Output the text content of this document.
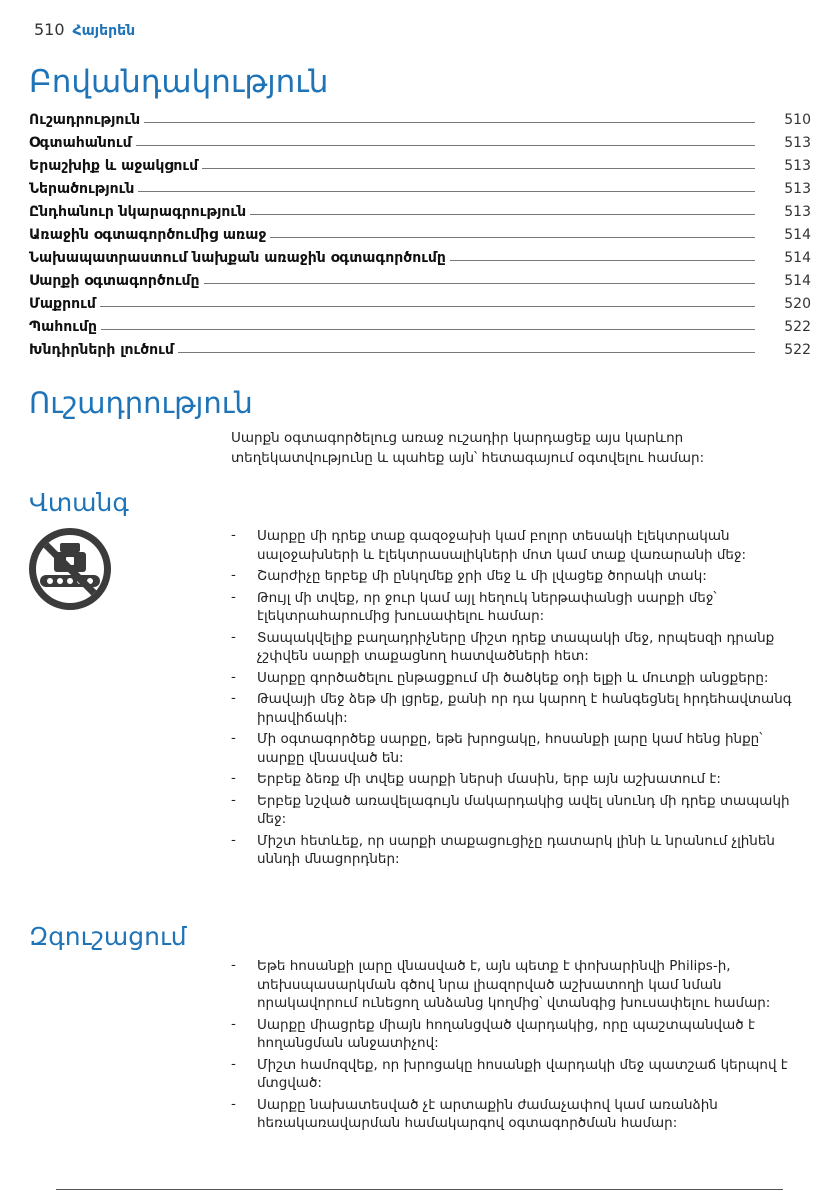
510 Հայերեն
Բովանդակություն
Ուշադրություն	510
Օգտահանում	513
Երաշխիք և աջակցում	513
Ներածություն	513
Ընդհանուր նկարագրություն	513
Առաջին օգտագործումից առաջ	514
Նախապատրաստում նախքան առաջին օգտագործումը	514
Սարքի օգտագործումը	514
Մաքրում	520
Պահումը	522
Խնդիրների լուծում	522
Ուշադրություն

Սարքն օգտագործելուց առաջ ուշադիր կարդացեք այս կարևոր տեղեկատվությունը և պահեք այն՝ հետագայում օգտվելու համար:

Վտանգ
- Սարքը մի դրեք տաք գազօջախի կամ բոլոր տեսակի էլեկտրական սալօջախների և էլեկտրասալիկների մոտ կամ տաք վառարանի մեջ:
- Շարժիչը երբեք մի ընկղմեք ջրի մեջ և մի լվացեք ծորակի տակ:
- Թույլ մի տվեք, որ ջուր կամ այլ հեղուկ ներթափանցի սարքի մեջ՝ էլեկտրահարումից խուսափելու համար:
- Տապակվելիք բաղադրիչները միշտ դրեք տապակի մեջ, որպեսզի դրանք չշփվեն սարքի տաքացնող հատվածների հետ:
- Սարքը գործածելու ընթացքում մի ծածկեք օդի ելքի և մուտքի անցքերը:
- Թավայի մեջ ձեթ մի լցրեք, քանի որ դա կարող է հանգեցնել հրդեհավտանգ իրավիճակի:
- Մի օգտագործեք սարքը, եթե խրոցակը, հոսանքի լարը կամ հենց ինքը՝ սարքը վնասված են:
- Երբեք ձեռք մի տվեք սարքի ներսի մասին, երբ այն աշխատում է:
- Երբեք նշված առավելագույն մակարդակից ավել սնունդ մի դրեք տապակի մեջ:
- Միշտ հետևեք, որ սարքի տաքացուցիչը դատարկ լինի և նրանում չլինեն սննդի մնացորդներ:
Զգուշացում
- Եթե հոսանքի լարը վնասված է, այն պետք է փոխարինվի Philips-ի, տեխսպասարկման գծով նրա լիազորված աշխատողի կամ նման որակավորում ունեցող անձանց կողմից՝ վտանգից խուսափելու համար:
- Սարքը միացրեք միայն հողանցված վարդակից, որը պաշտպանված է հողանցման անջատիչով:
- Միշտ համոզվեք, որ խրոցակը հոսանքի վարդակի մեջ պատշաճ կերպով է մտցված:
- Սարքը նախատեսված չէ արտաքին ժամաչափով կամ առանձին հեռակառավարման համակարգով օգտագործման համար:
